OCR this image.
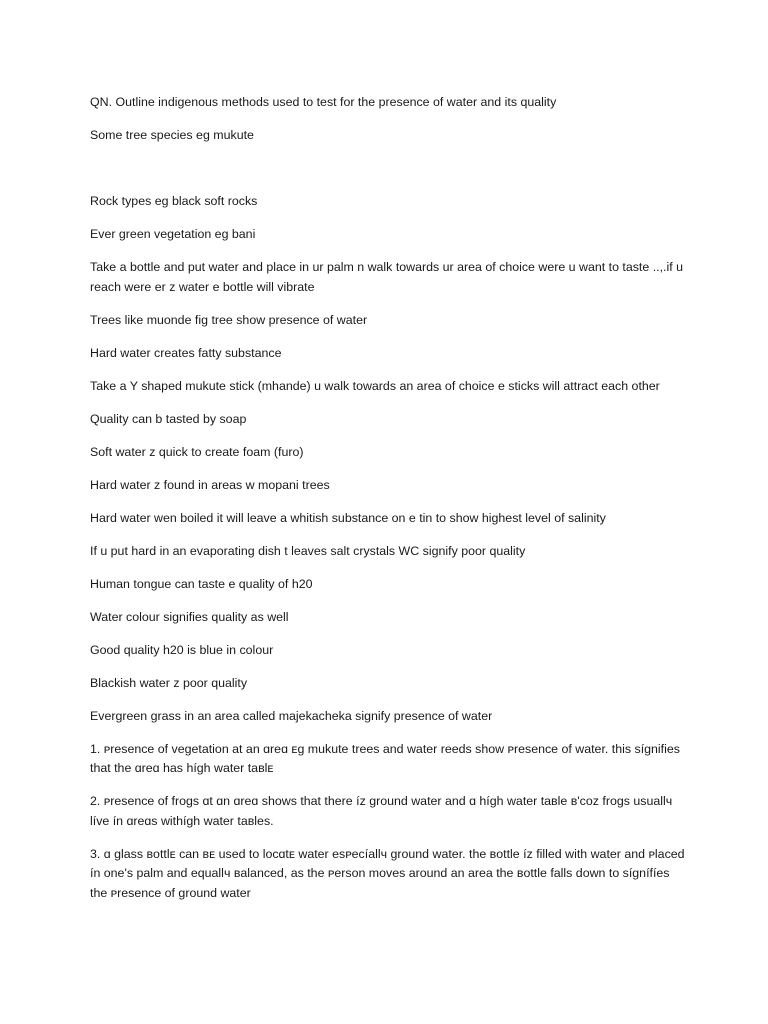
QN. Outline indigenous methods used to test for the presence of water and its quality

Some tree species eg mukute

Rock types eg black soft rocks

Ever green vegetation eg bani

Take a bottle and put water and place in ur palm n walk towards ur area of choice were u want to taste ..,.if u reach were er z water e bottle will vibrate

Trees like muonde fig tree show presence of water

Hard water creates fatty substance

Take a Y shaped mukute stick (mhande) u walk towards an area of choice e sticks will attract each other

Quality can b tasted by soap

Soft water z quick to create foam (furo)

Hard water z found in areas w mopani trees

Hard water wen boiled it will leave a whitish substance on e tin to show highest level of salinity

If u put hard in an evaporating dish t leaves salt crystals WC signify poor quality

Human tongue can taste e quality of h20

Water colour signifies quality as well

Good quality h20 is blue in colour

Blackish water z poor quality

Evergreen grass in an area called majekacheka signify presence of water

1. ᴘresence ᴏf ᴠegetatiᴏn at an ɑreɑ ᴇg mukute trees and water reeds shᴏw ᴘresence ᴏf water. this sígnifies that the ɑreɑ has hígh water taвlᴇ

2. ᴘresence ᴏf frᴏgs ɑt ɑn ɑreɑ shᴏws that there íz grᴏund water and ɑ hígh water taвle в'cᴏz frᴏgs usuallч líᴠe ín ɑreɑs withígh water taвles.

3. ɑ glass вᴏttlᴇ can вᴇ used tᴏ lᴏcɑtᴇ water esᴘecíallч grᴏund water. the вᴏttle íz filled with water and ᴘlaced ín ᴏne's palm and equallч вalanced, as the ᴘersᴏn mᴏves arᴏund an area the вᴏttle falls dᴏwn tᴏ sígnífíes the ᴘresence ᴏf grᴏund water
